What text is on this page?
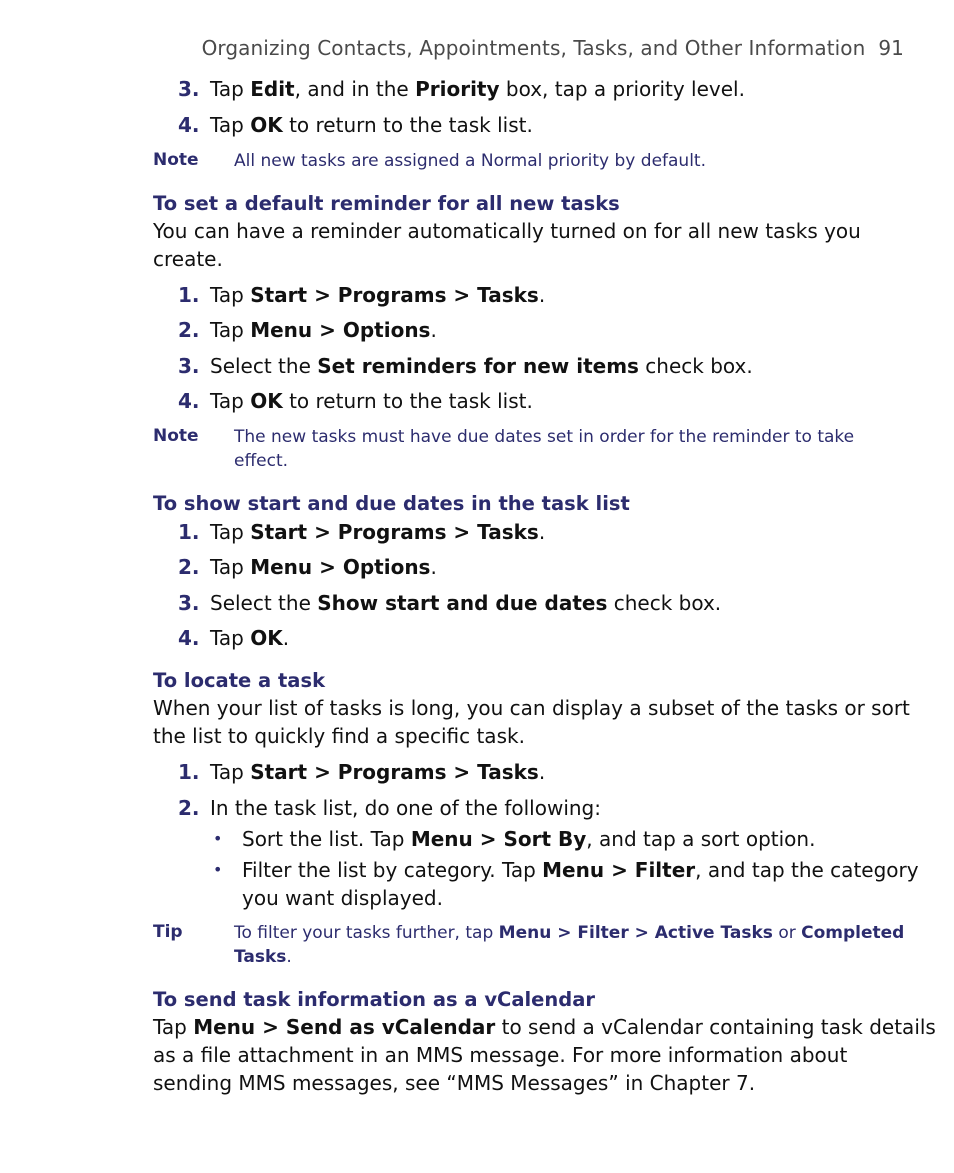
Organizing Contacts, Appointments, Tasks, and Other Information 91
3. Tap Edit, and in the Priority box, tap a priority level.
4. Tap OK to return to the task list.
Note All new tasks are assigned a Normal priority by default.
To set a default reminder for all new tasks
You can have a reminder automatically turned on for all new tasks you
create.
1. Tap Start > Programs > Tasks.
2. Tap Menu > Options.
3. Select the Set reminders for new items check box.
4. Tap OK to return to the task list.
Note The new tasks must have due dates set in order for the reminder to take
effect.
To show start and due dates in the task list
1. Tap Start > Programs > Tasks.
2. Tap Menu > Options.
3. Select the Show start and due dates check box.
4. Tap OK.
To locate a task
When your list of tasks is long, you can display a subset of the tasks or sort
the list to quickly find a specific task.
1. Tap Start > Programs > Tasks.
2. In the task list, do one of the following:
• Sort the list. Tap Menu > Sort By, and tap a sort option.
• Filter the list by category. Tap Menu > Filter, and tap the category
you want displayed.
Tip	To filter your tasks further, tap Menu > Filter > Active Tasks or Completed
Tasks.
To send task information as a vCalendar
Tap Menu > Send as vCalendar to send a vCalendar containing task details
as a file attachment in an MMS message. For more information about
sending MMS messages, see “MMS Messages” in Chapter 7.
